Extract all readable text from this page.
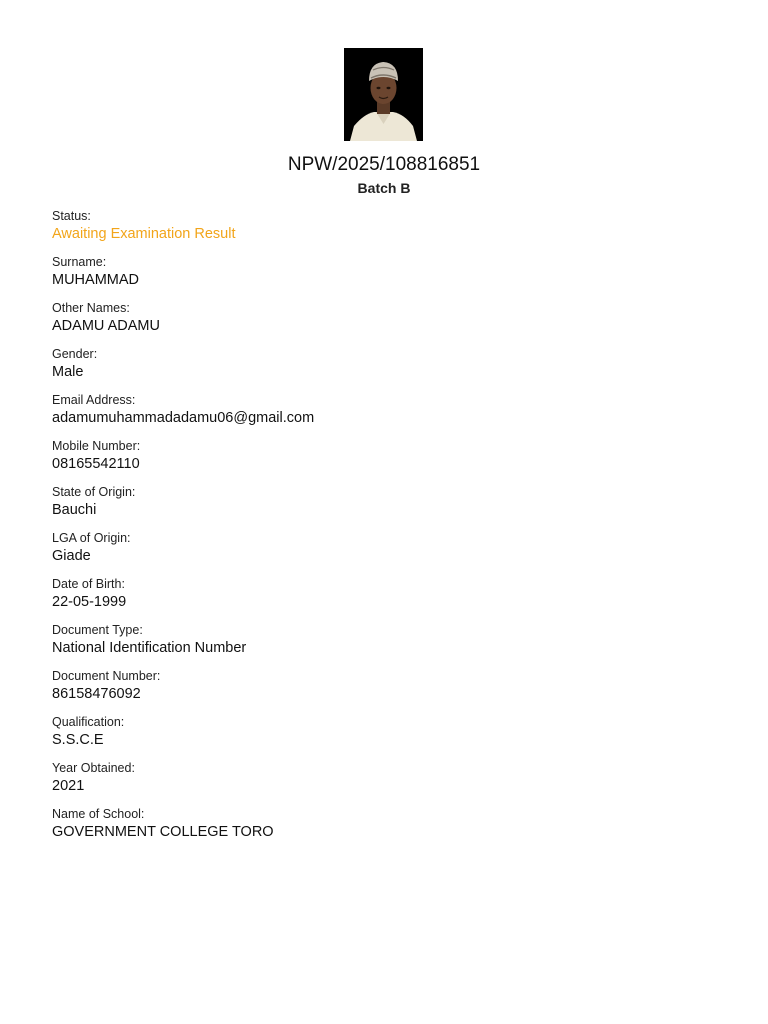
NPW/2025/108816851
Batch B
Status:
Awaiting Examination Result
Surname:
MUHAMMAD
Other Names:
ADAMU ADAMU
Gender:
Male
Email Address:
adamumuhammadadamu06@gmail.com
Mobile Number:
08165542110
State of Origin:
Bauchi
LGA of Origin:
Giade
Date of Birth:
22-05-1999
Document Type:
National Identification Number
Document Number:
86158476092
Qualification:
S.S.C.E
Year Obtained:
2021
Name of School:
GOVERNMENT COLLEGE TORO
